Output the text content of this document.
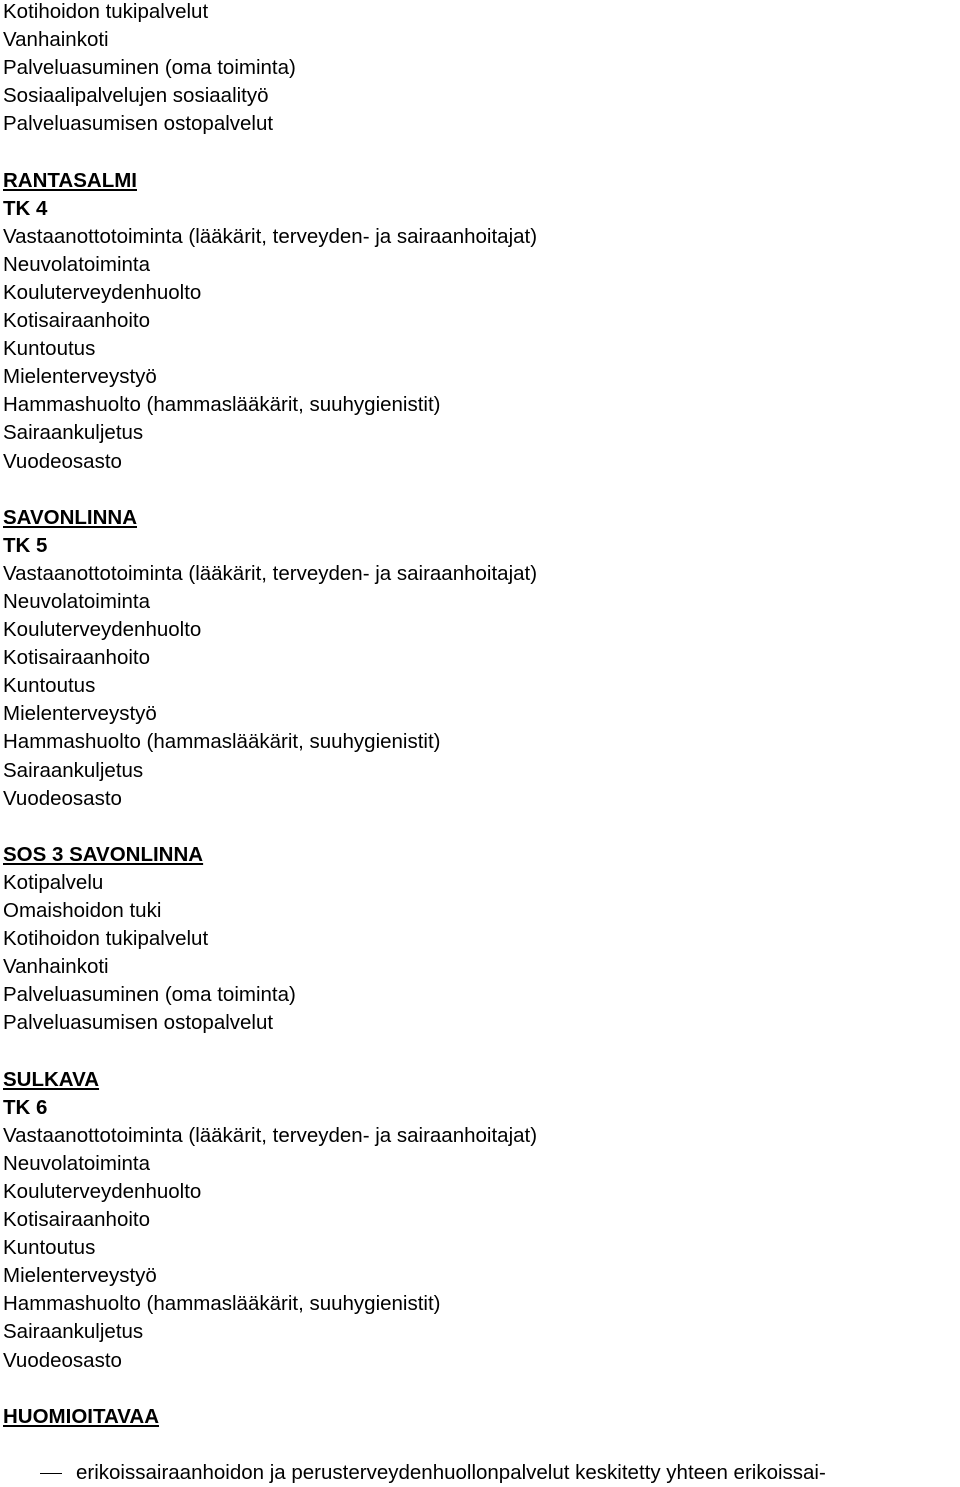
Kotihoidon tukipalvelut
Vanhainkoti
Palveluasuminen (oma toiminta)
Sosiaalipalvelujen sosiaalityö
Palveluasumisen ostopalvelut
RANTASALMI
TK 4
Vastaanottotoiminta (lääkärit, terveyden- ja sairaanhoitajat)
Neuvolatoiminta
Kouluterveydenhuolto
Kotisairaanhoito
Kuntoutus
Mielenterveystyö
Hammashuolto (hammaslääkärit, suuhygienistit)
Sairaankuljetus
Vuodeosasto
SAVONLINNA
TK 5
Vastaanottotoiminta (lääkärit, terveyden- ja sairaanhoitajat)
Neuvolatoiminta
Kouluterveydenhuolto
Kotisairaanhoito
Kuntoutus
Mielenterveystyö
Hammashuolto (hammaslääkärit, suuhygienistit)
Sairaankuljetus
Vuodeosasto
SOS 3 SAVONLINNA
Kotipalvelu
Omaishoidon tuki
Kotihoidon tukipalvelut
Vanhainkoti
Palveluasuminen (oma toiminta)
Palveluasumisen ostopalvelut
SULKAVA
TK 6
Vastaanottotoiminta (lääkärit, terveyden- ja sairaanhoitajat)
Neuvolatoiminta
Kouluterveydenhuolto
Kotisairaanhoito
Kuntoutus
Mielenterveystyö
Hammashuolto (hammaslääkärit, suuhygienistit)
Sairaankuljetus
Vuodeosasto
HUOMIOITAVAA
erikoissairaanhoidon ja perusterveydenhuollonpalvelut keskitetty yhteen erikoissai-
